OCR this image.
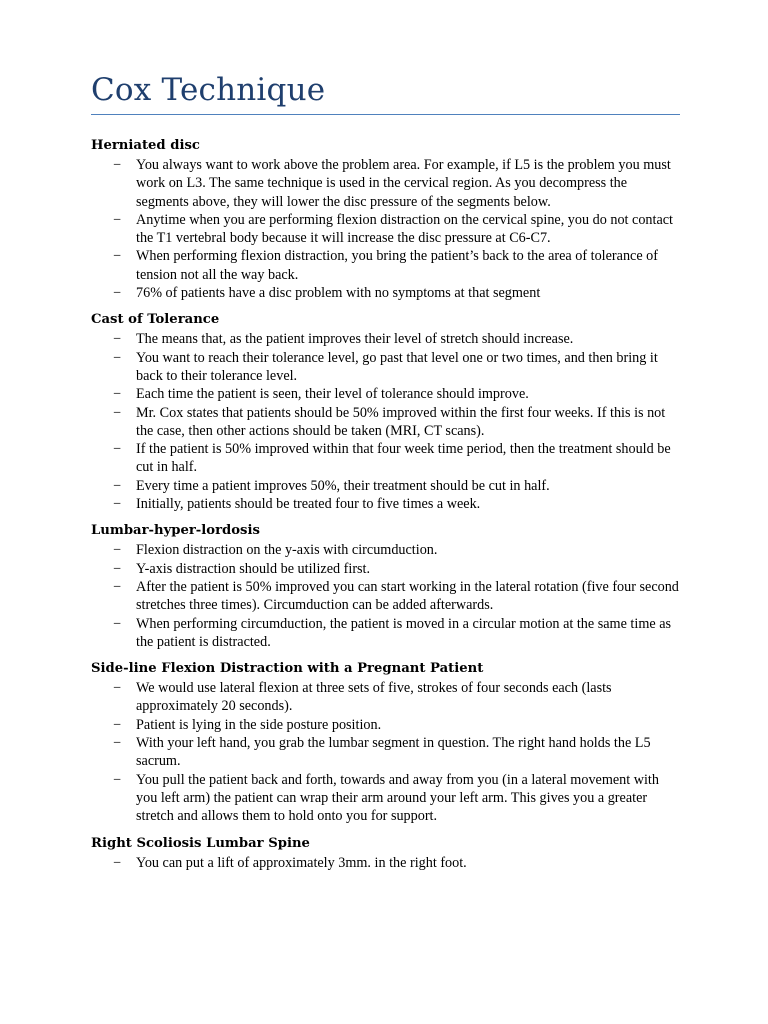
Cox Technique
Herniated disc
−	You always want to work above the problem area. For example, if L5 is the problem you must work on L3. The same technique is used in the cervical region. As you decompress the segments above, they will lower the disc pressure of the segments below.
−	Anytime when you are performing flexion distraction on the cervical spine, you do not contact the T1 vertebral body because it will increase the disc pressure at C6-C7.
−	When performing flexion distraction, you bring the patient’s back to the area of tolerance of tension not all the way back.
−	76% of patients have a disc problem with no symptoms at that segment
Cast of Tolerance
−	The means that, as the patient improves their level of stretch should increase.
−	You want to reach their tolerance level, go past that level one or two times, and then bring it back to their tolerance level.
−	Each time the patient is seen, their level of tolerance should improve.
−	Mr. Cox states that patients should be 50% improved within the first four weeks. If this is not the case, then other actions should be taken (MRI, CT scans).
−	If the patient is 50% improved within that four week time period, then the treatment should be cut in half.
−	Every time a patient improves 50%, their treatment should be cut in half.
−	Initially, patients should be treated four to five times a week.
Lumbar-hyper-lordosis
−	Flexion distraction on the y-axis with circumduction.
−	Y-axis distraction should be utilized first.
−	After the patient is 50% improved you can start working in the lateral rotation (five four second stretches three times). Circumduction can be added afterwards.
−	When performing circumduction, the patient is moved in a circular motion at the same time as the patient is distracted.
Side-line Flexion Distraction with a Pregnant Patient
−	We would use lateral flexion at three sets of five, strokes of four seconds each (lasts approximately 20 seconds).
−	Patient is lying in the side posture position.
−	With your left hand, you grab the lumbar segment in question. The right hand holds the L5 sacrum.
−	You pull the patient back and forth, towards and away from you (in a lateral movement with you left arm) the patient can wrap their arm around your left arm. This gives you a greater stretch and allows them to hold onto you for support.
Right Scoliosis Lumbar Spine
−	You can put a lift of approximately 3mm. in the right foot.
